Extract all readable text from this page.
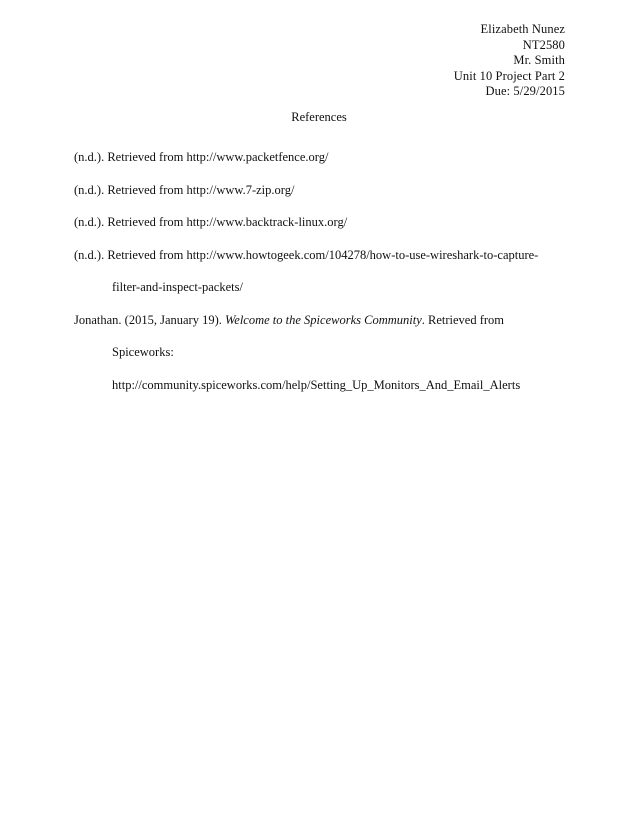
Elizabeth Nunez
NT2580
Mr. Smith
Unit 10 Project Part 2
Due: 5/29/2015
References
(n.d.). Retrieved from http://www.packetfence.org/
(n.d.). Retrieved from http://www.7-zip.org/
(n.d.). Retrieved from http://www.backtrack-linux.org/
(n.d.). Retrieved from http://www.howtogeek.com/104278/how-to-use-wireshark-to-capture-
filter-and-inspect-packets/
Jonathan. (2015, January 19). Welcome to the Spiceworks Community. Retrieved from
Spiceworks:
http://community.spiceworks.com/help/Setting_Up_Monitors_And_Email_Alerts
